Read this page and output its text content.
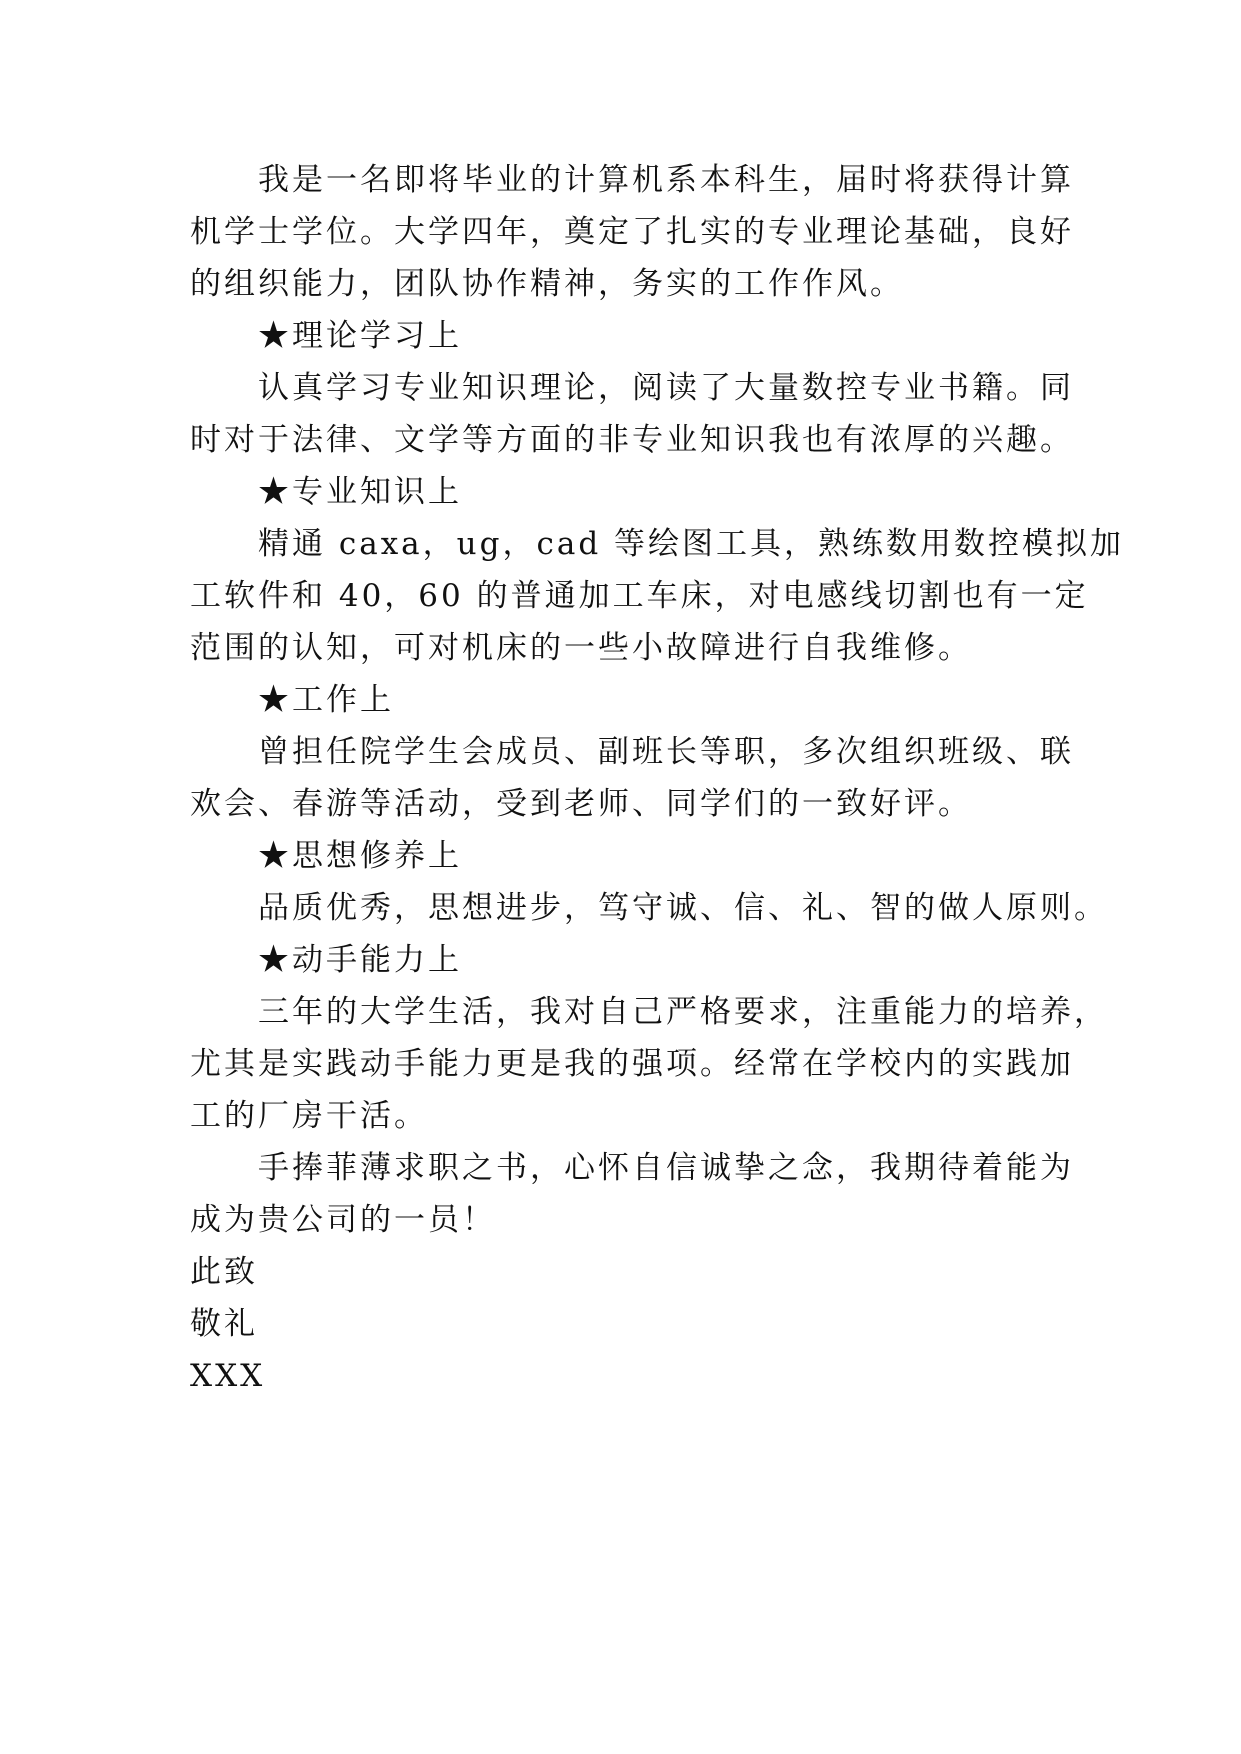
我是一名即将毕业的计算机系本科生，届时将获得计算
机学士学位。大学四年，奠定了扎实的专业理论基础，良好
的组织能力，团队协作精神，务实的工作作风。
★理论学习上
认真学习专业知识理论，阅读了大量数控专业书籍。同
时对于法律、文学等方面的非专业知识我也有浓厚的兴趣。
★专业知识上
精通 caxa，ug，cad 等绘图工具，熟练数用数控模拟加
工软件和 40，60 的普通加工车床，对电感线切割也有一定
范围的认知，可对机床的一些小故障进行自我维修。
★工作上
曾担任院学生会成员、副班长等职，多次组织班级、联
欢会、春游等活动，受到老师、同学们的一致好评。
★思想修养上
品质优秀，思想进步，笃守诚、信、礼、智的做人原则。
★动手能力上
三年的大学生活，我对自己严格要求，注重能力的培养，
尤其是实践动手能力更是我的强项。经常在学校内的实践加
工的厂房干活。
手捧菲薄求职之书，心怀自信诚挚之念，我期待着能为
成为贵公司的一员！
此致
敬礼
XXX
